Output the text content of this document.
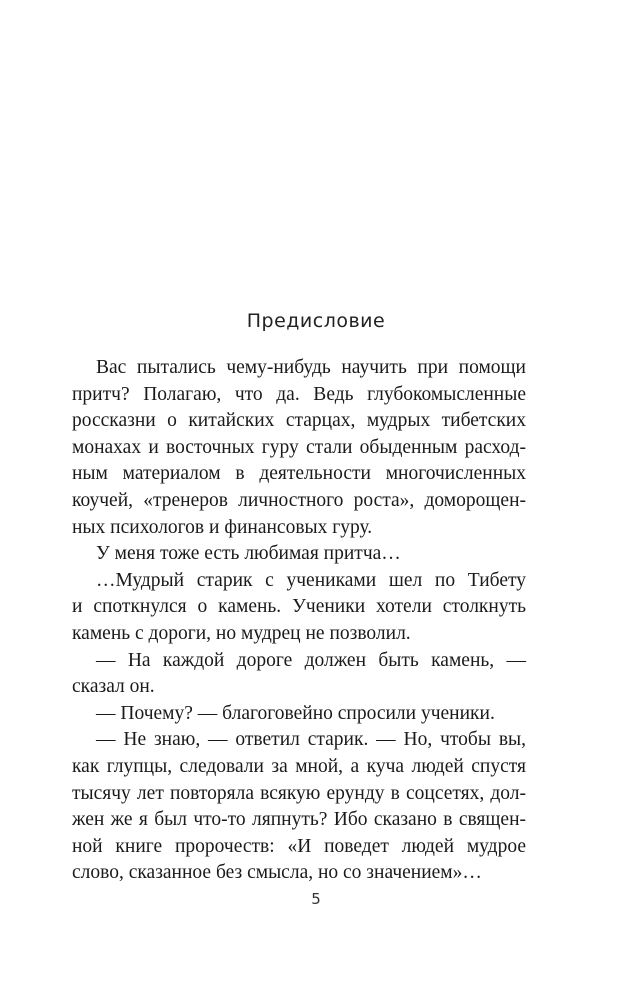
Предисловие
Вас пытались чему-нибудь научить при помощи
притч? Полагаю, что да. Ведь глубокомысленные
россказни о китайских старцах, мудрых тибетских
монахах и восточных гуру стали обыденным расход-
ным материалом в деятельности многочисленных
коучей, «тренеров личностного роста», доморощен-
ных психологов и финансовых гуру.
У меня тоже есть любимая притча…
…Мудрый старик с учениками шел по Тибету
и споткнулся о камень. Ученики хотели столкнуть
камень с дороги, но мудрец не позволил.
— На каждой дороге должен быть камень, —
сказал он.
— Почему? — благоговейно спросили ученики.
— Не знаю, — ответил старик. — Но, чтобы вы,
как глупцы, следовали за мной, а куча людей спустя
тысячу лет повторяла всякую ерунду в соцсетях, дол-
жен же я был что-то ляпнуть? Ибо сказано в священ-
ной книге пророчеств: «И поведет людей мудрое
слово, сказанное без смысла, но со значением»…
5
